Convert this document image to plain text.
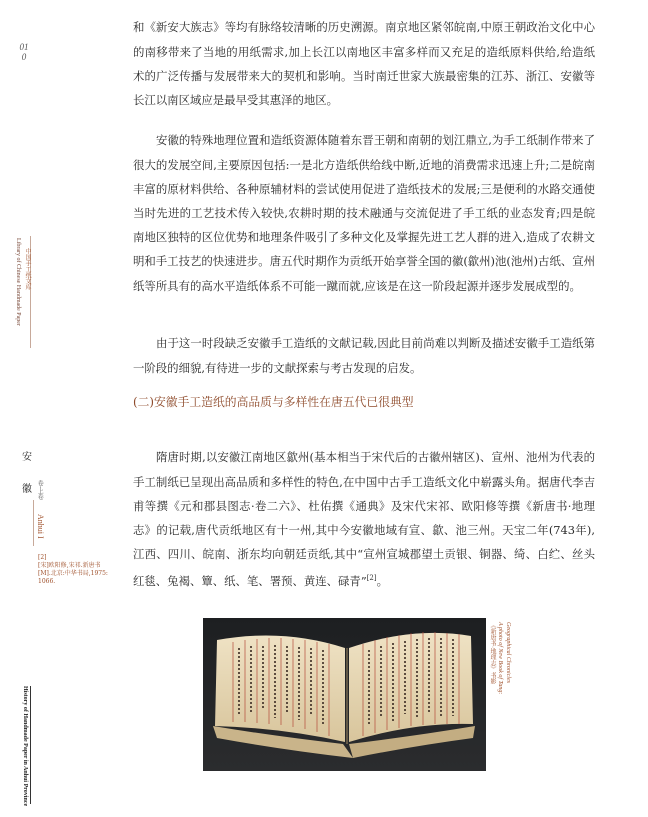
010
Library of Chinese Handmade Paper 中国手工纸文库
安
徽 卷·上卷
Anhui I
[2]
[宋]欧阳修,宋祁.新唐书
[M].北京:中华书局,1975:
1066.
History of Handmade Paper in Anhui Province

和《新安大族志》等均有脉络较清晰的历史溯源。南京地区紧邻皖南,中原王朝政治文化中心的南移带来了当地的用纸需求,加上长江以南地区丰富多样而又充足的造纸原料供给,给造纸术的广泛传播与发展带来大的契机和影响。当时南迁世家大族最密集的江苏、浙江、安徽等长江以南区域应是最早受其惠泽的地区。

安徽的特殊地理位置和造纸资源体随着东晋王朝和南朝的划江鼎立,为手工纸制作带来了很大的发展空间,主要原因包括:一是北方造纸供给线中断,近地的消费需求迅速上升;二是皖南丰富的原材料供给、各种原辅材料的尝试使用促进了造纸技术的发展;三是便利的水路交通使当时先进的工艺技术传入较快,农耕时期的技术融通与交流促进了手工纸的业态发育;四是皖南地区独特的区位优势和地理条件吸引了多种文化及掌握先进工艺人群的进入,造成了农耕文明和手工技艺的快速进步。唐五代时期作为贡纸开始享誉全国的徽(歙州)池(池州)古纸、宣州纸等所具有的高水平造纸体系不可能一蹴而就,应该是在这一阶段起源并逐步发展成型的。

由于这一时段缺乏安徽手工造纸的文献记载,因此目前尚难以判断及描述安徽手工造纸第一阶段的细貌,有待进一步的文献探索与考古发现的启发。

(二)安徽手工造纸的高品质与多样性在唐五代已很典型

隋唐时期,以安徽江南地区歙州(基本相当于宋代后的古徽州辖区)、宣州、池州为代表的手工制纸已呈现出高品质和多样性的特色,在中国中古手工造纸文化中崭露头角。据唐代李吉甫等撰《元和郡县图志·卷二六》、杜佑撰《通典》及宋代宋祁、欧阳修等撰《新唐书·地理志》的记载,唐代贡纸地区有十一州,其中今安徽地域有宣、歙、池三州。天宝二年(743年),江西、四川、皖南、浙东均向朝廷贡纸,其中“宣州宣城郡望土贡银、铜器、绮、白纻、丝头红毯、兔褐、簟、纸、笔、署预、黄连、碌青”[2]。

《新唐书·地理志》书影 A photo of New Book of Tang: Geographical Chronicles
